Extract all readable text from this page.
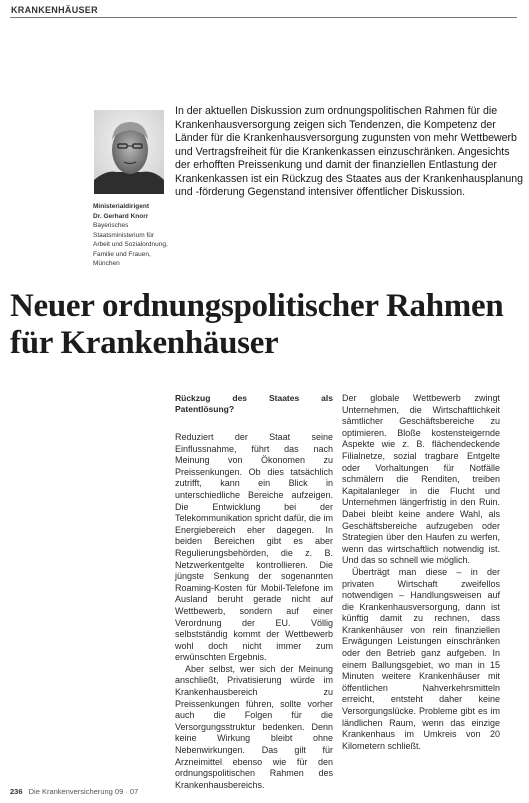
KRANKENHÄUSER
Ministerialdirigent
Dr. Gerhard Knorr
Bayerisches Staatsministerium für Arbeit und Sozialordnung, Familie und Frauen, München
In der aktuellen Diskussion zum ordnungspolitischen Rahmen für die Krankenhausversorgung zeigen sich Tendenzen, die Kompetenz der Länder für die Krankenhausversorgung zugunsten von mehr Wettbewerb und Vertragsfreiheit für die Krankenkassen einzuschränken. Angesichts der erhofften Preissenkung und damit der finanziellen Entlastung der Krankenkassen ist ein Rückzug des Staates aus der Krankenhausplanung und -förderung Gegenstand intensiver öffentlicher Diskussion.
Neuer ordnungspolitischer Rahmen für Krankenhäuser
Rückzug des Staates als Patentlösung?

Reduziert der Staat seine Einflussnahme, führt das nach Meinung von Ökonomen zu Preissenkungen. Ob dies tatsächlich zutrifft, kann ein Blick in unterschiedliche Bereiche aufzeigen. Die Entwicklung bei der Telekommunikation spricht dafür, die im Energiebereich eher dagegen. In beiden Bereichen gibt es aber Regulierungsbehörden, die z. B. Netzwerkentgelte kontrollieren. Die jüngste Senkung der sogenannten Roaming-Kosten für Mobil-Telefone im Ausland beruht gerade nicht auf Wettbewerb, sondern auf einer Verordnung der EU. Völlig selbstständig kommt der Wettbewerb wohl doch nicht immer zum erwünschten Ergebnis.

Aber selbst, wer sich der Meinung anschließt, Privatisierung würde im Krankenhausbereich zu Preissenkungen führen, sollte vorher auch die Folgen für die Versorgungsstruktur bedenken. Denn keine Wirkung bleibt ohne Nebenwirkungen. Das gilt für Arzneimittel ebenso wie für den ordnungspolitischen Rahmen des Krankenhausbereichs.

Der globale Wettbewerb zwingt Unternehmen, die Wirtschaftlichkeit sämtlicher Geschäftsbereiche zu optimieren. Bloße kostensteigernde Aspekte wie z. B. flächendeckende Filialnetze, sozial tragbare Entgelte oder Vorhaltungen für Notfälle schmälern die Renditen, treiben Kapitalanleger in die Flucht und Unternehmen längerfristig in den Ruin. Dabei bleibt keine andere Wahl, als Geschäftsbereiche aufzugeben oder Strategien über den Haufen zu werfen, wenn das wirtschaftlich notwendig ist. Und das so schnell wie möglich.

Überträgt man diese – in der privaten Wirtschaft zweifellos notwendigen – Handlungsweisen auf die Krankenhausversorgung, dann ist künftig damit zu rechnen, dass Krankenhäuser von rein finanziellen Erwägungen Leistungen einschränken oder den Betrieb ganz aufgeben. In einem Ballungsgebiet, wo man in 15 Minuten weitere Krankenhäuser mit öffentlichen Nahverkehrsmitteln erreicht, entsteht daher keine Versorgungslücke. Probleme gibt es im ländlichen Raum, wenn das einzige Krankenhaus im Umkreis von 20 Kilometern schließt.

236 Die Krankenversicherung 09 · 07
